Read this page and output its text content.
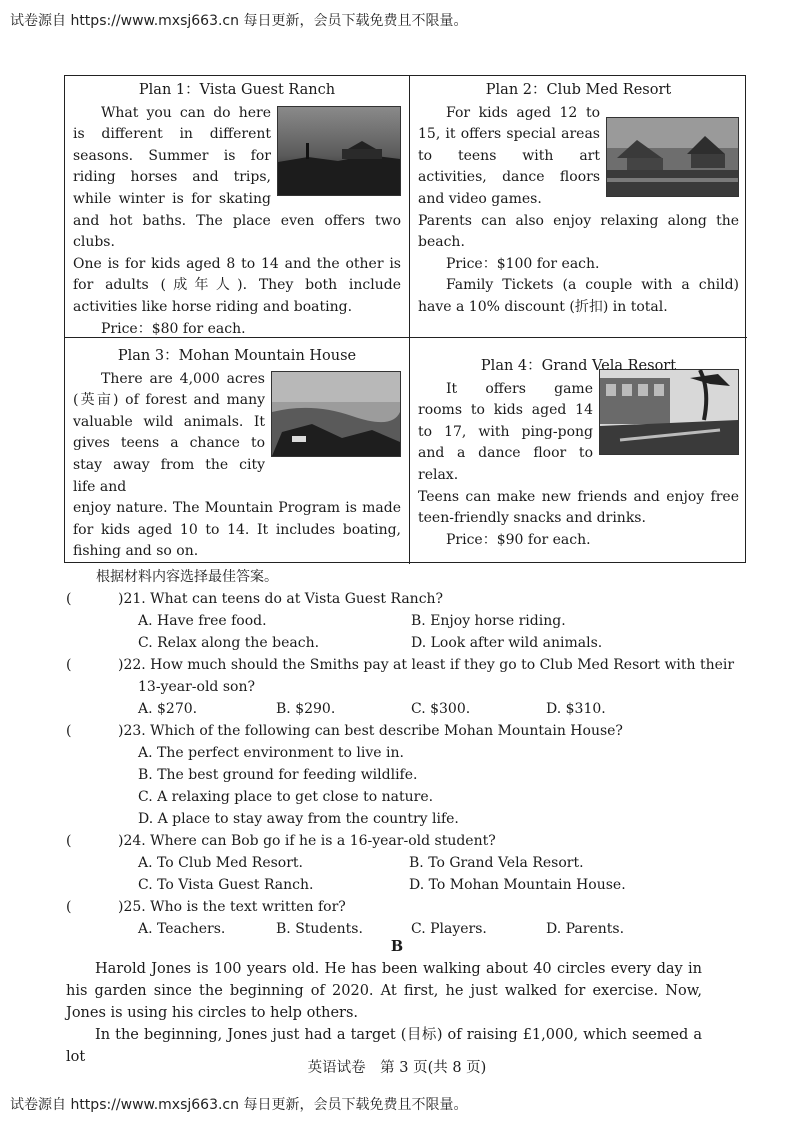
试卷源自 https://www.mxsj663.cn 每日更新，会员下载免费且不限量。
Plan 1：Vista Guest Ranch

What you can do here is different in different seasons. Summer is for riding horses and trips, while winter is for skating and hot baths. The place even offers two clubs.

One is for kids aged 8 to 14 and the other is for adults (成年人). They both include activities like horse riding and boating.

Price：$80 for each.

Plan 2：Club Med Resort

For kids aged 12 to 15, it offers special areas to teens with art activities, dance floors and video games.

Parents can also enjoy relaxing along the beach.

Price：$100 for each.

Family Tickets (a couple with a child) have a 10% discount (折扣) in total.

Plan 3：Mohan Mountain House

There are 4,000 acres (英亩) of forest and many valuable wild animals. It gives teens a chance to stay away from the city life and

enjoy nature. The Mountain Program is made for kids aged 10 to 14. It includes boating, fishing and so on.

Plan 4：Grand Vela Resort

It offers game rooms to kids aged 14 to 17, with ping-pong and a dance floor to relax.

Teens can make new friends and enjoy free teen-friendly snacks and drinks.

Price：$90 for each.

根据材料内容选择最佳答案。

(	)21. What can teens do at Vista Guest Ranch?
A. Have free food.	B. Enjoy horse riding.
C. Relax along the beach.	D. Look after wild animals.
(	)22. How much should the Smiths pay at least if they go to Club Med Resort with their
13-year-old son?
A. $270.	B. $290.	C. $300.	D. $310.
(	)23. Which of the following can best describe Mohan Mountain House?
A. The perfect environment to live in.
B. The best ground for feeding wildlife.
C. A relaxing place to get close to nature.
D. A place to stay away from the country life.
(	)24. Where can Bob go if he is a 16-year-old student?
A. To Club Med Resort.	B. To Grand Vela Resort.
C. To Vista Guest Ranch.	D. To Mohan Mountain House.
(	)25. Who is the text written for?
A. Teachers.	B. Students.	C. Players.	D. Parents.
B

Harold Jones is 100 years old. He has been walking about 40 circles every day in his garden since the beginning of 2020. At first, he just walked for exercise. Now, Jones is using his circles to help others.

In the beginning, Jones just had a target (目标) of raising £1,000, which seemed a lot

英语试卷　第 3 页(共 8 页)
试卷源自 https://www.mxsj663.cn 每日更新，会员下载免费且不限量。
